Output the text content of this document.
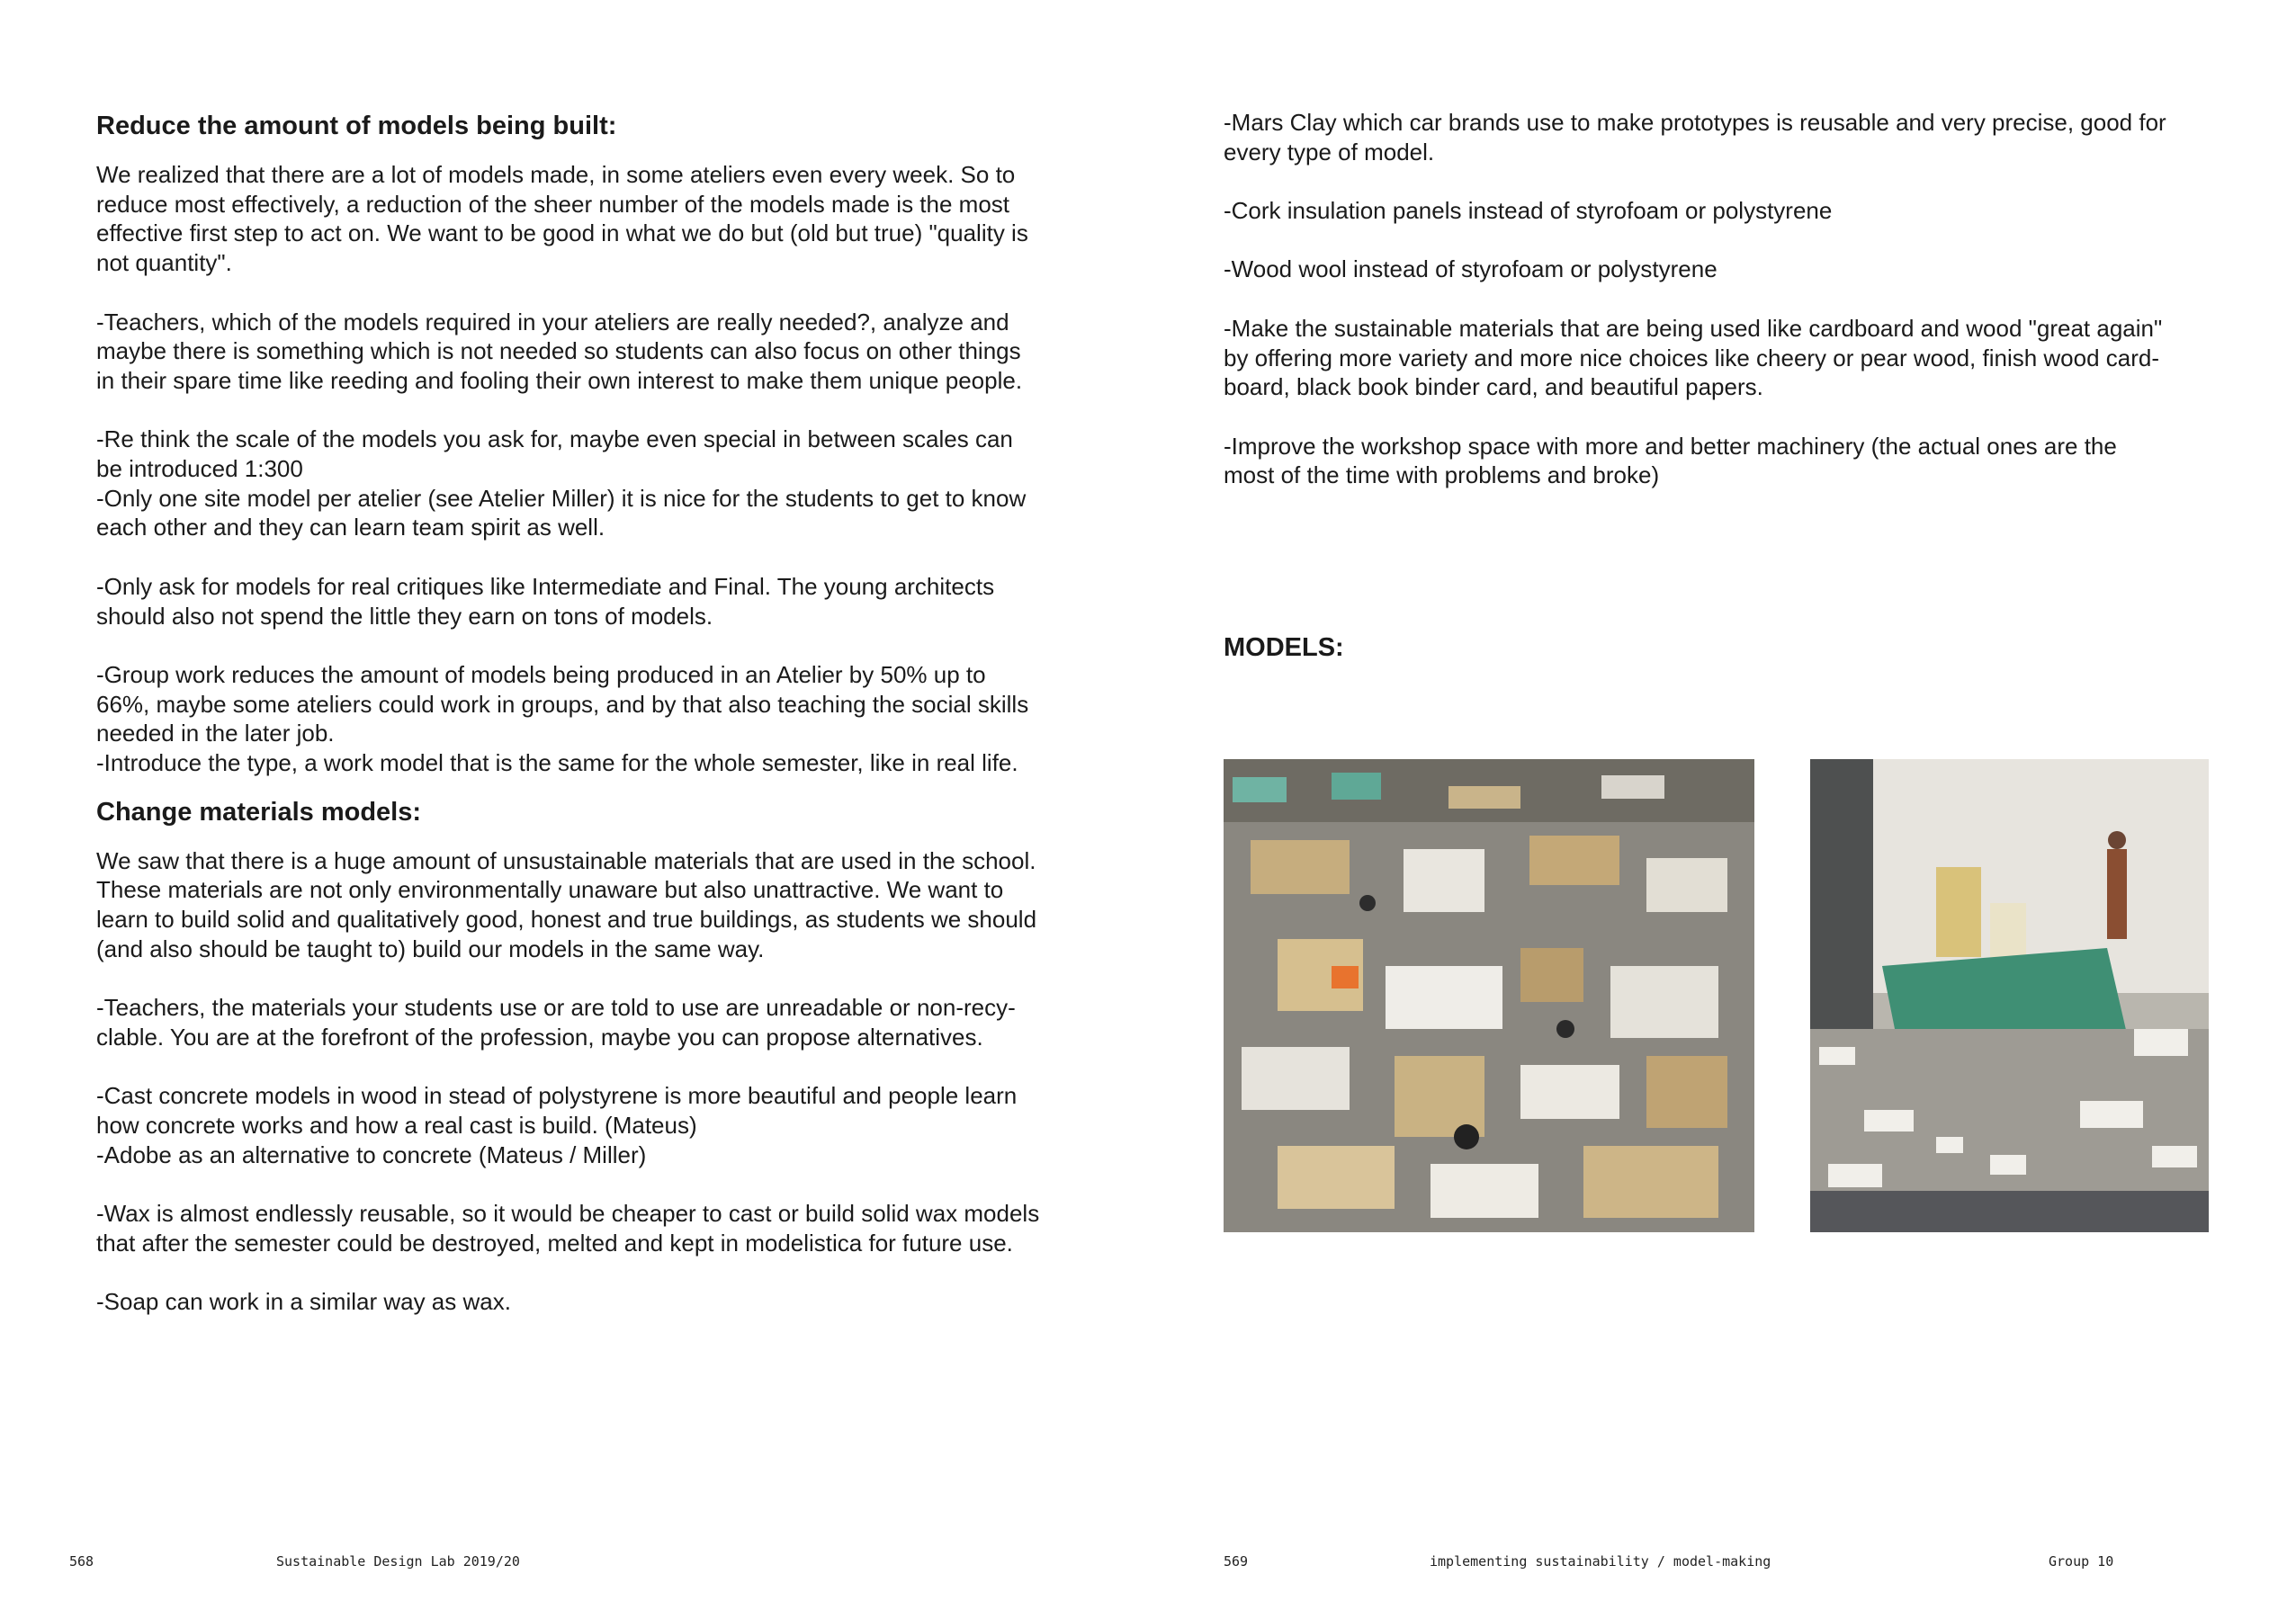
Reduce the amount of models being built:

We realized that there are a lot of models made, in some ateliers even every week. So to
reduce most effectively, a reduction of the sheer number of the models made is the most
effective first step to act on. We want to be good in what we do but (old but true) "quality is
not quantity".

-Teachers, which of the models required in your ateliers are really needed?, analyze and
maybe there is something which is not needed so students can also focus on other things
in their spare time like reeding and fooling their own interest to make them unique people.

-Re think the scale of the models you ask for, maybe even special in between scales can
be introduced 1:300
-Only one site model per atelier (see Atelier Miller) it is nice for the students to get to know
each other and they can learn team spirit as well.

-Only ask for models for real critiques like Intermediate and Final. The young architects
should also not spend the little they earn on tons of models.

-Group work reduces the amount of models being produced in an Atelier by 50% up to
66%, maybe some ateliers could work in groups, and by that also teaching the social skills
needed in the later job.
-Introduce the type, a work model that is the same for the whole semester, like in real life.

Change materials models:

We saw that there is a huge amount of unsustainable materials that are used in the school.
These materials are not only environmentally unaware but also unattractive. We want to
learn to build solid and qualitatively good, honest and true buildings, as students we should
(and also should be taught to) build our models in the same way.

-Teachers, the materials your students use or are told to use are unreadable or non-recy-
clable. You are at the forefront of the profession, maybe you can propose alternatives.

-Cast concrete models in wood in stead of polystyrene is more beautiful and people learn
how concrete works and how a real cast is build. (Mateus)
-Adobe as an alternative to concrete (Mateus / Miller)

-Wax is almost endlessly reusable, so it would be cheaper to cast or build solid wax models
that after the semester could be destroyed, melted and kept in modelistica for future use.

-Soap can work in a similar way as wax.

568	Sustainable Design Lab 2019/20

-Mars Clay which car brands use to make prototypes is reusable and very precise, good for
every type of model.

-Cork insulation panels instead of styrofoam or polystyrene

-Wood wool instead of styrofoam or polystyrene

-Make the sustainable materials that are being used like cardboard and wood "great again"
by offering more variety and more nice choices like cheery or pear wood, finish wood card-
board, black book binder card, and beautiful papers.

-Improve the workshop space with more and better machinery (the actual ones are the
most of the time with problems and broke)

MODELS:
569	implementing sustainability / model-making	Group 10
